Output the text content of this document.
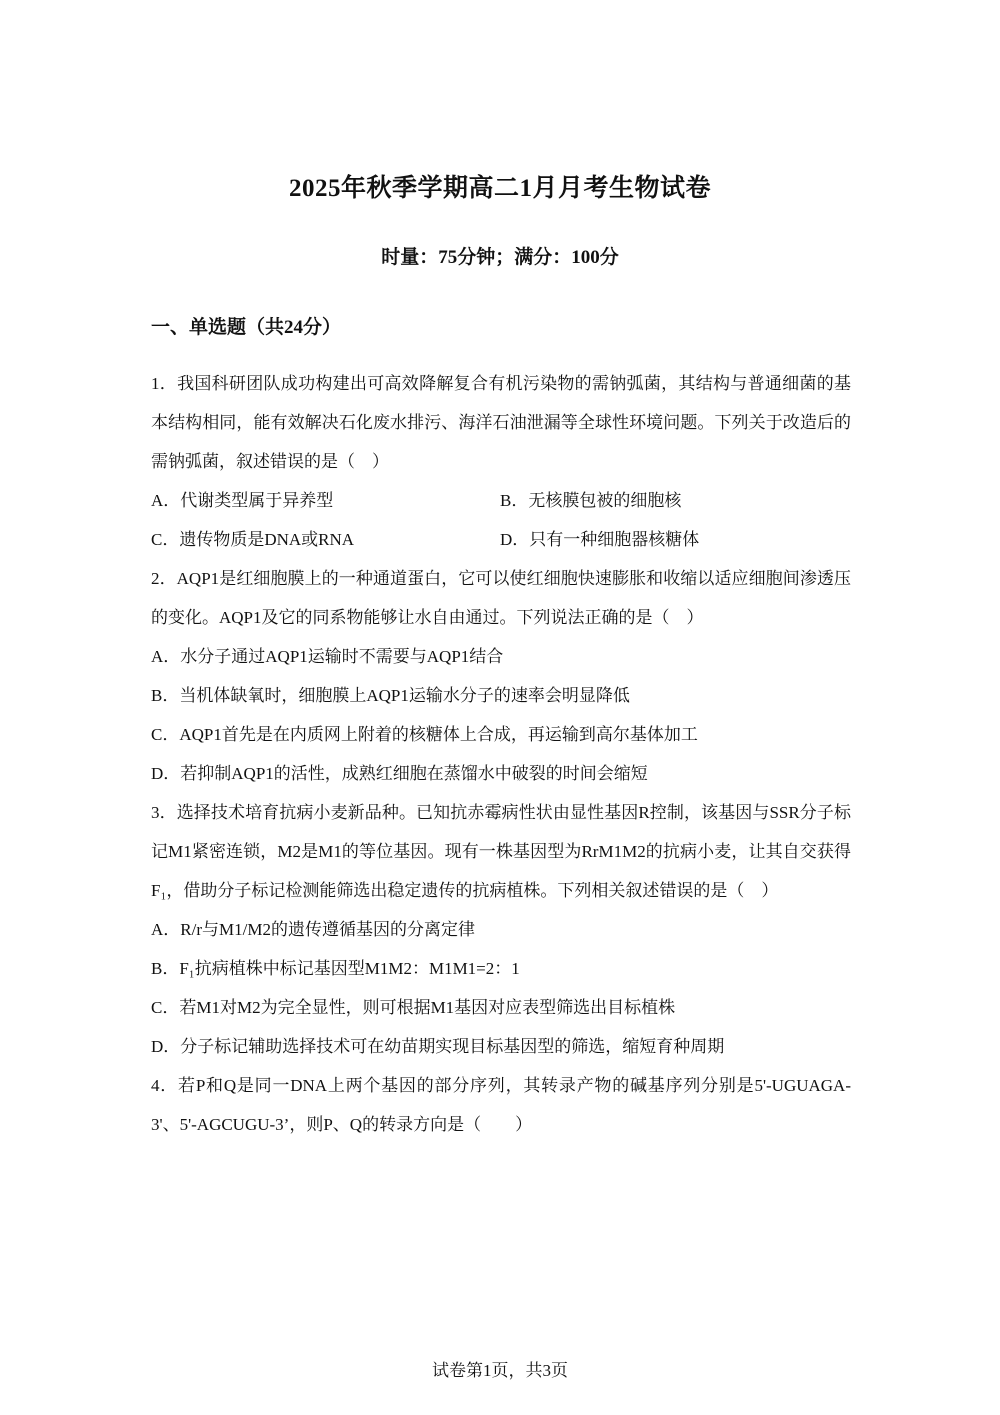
2025年秋季学期高二1月月考生物试卷
时量：75分钟；满分：100分
一、单选题（共24分）

1．我国科研团队成功构建出可高效降解复合有机污染物的需钠弧菌，其结构与普通细菌的基本结构相同，能有效解决石化废水排污、海洋石油泄漏等全球性环境问题。下列关于改造后的需钠弧菌，叙述错误的是（　）

A．代谢类型属于异养型	B．无核膜包被的细胞核

C．遗传物质是DNA或RNA	D．只有一种细胞器核糖体

2．AQP1是红细胞膜上的一种通道蛋白，它可以使红细胞快速膨胀和收缩以适应细胞间渗透压的变化。AQP1及它的同系物能够让水自由通过。下列说法正确的是（　）

A．水分子通过AQP1运输时不需要与AQP1结合

B．当机体缺氧时，细胞膜上AQP1运输水分子的速率会明显降低

C．AQP1首先是在内质网上附着的核糖体上合成，再运输到高尔基体加工

D．若抑制AQP1的活性，成熟红细胞在蒸馏水中破裂的时间会缩短

3．选择技术培育抗病小麦新品种。已知抗赤霉病性状由显性基因R控制，该基因与SSR分子标记M1紧密连锁，M2是M1的等位基因。现有一株基因型为RrM1M2的抗病小麦，让其自交获得F₁，借助分子标记检测能筛选出稳定遗传的抗病植株。下列相关叙述错误的是（　）

A．R/r与M1/M2的遗传遵循基因的分离定律

B．F₁抗病植株中标记基因型M1M2：M1M1=2：1

C．若M1对M2为完全显性，则可根据M1基因对应表型筛选出目标植株

D．分子标记辅助选择技术可在幼苗期实现目标基因型的筛选，缩短育种周期

4．若P和Q是同一DNA上两个基因的部分序列，其转录产物的碱基序列分别是5'-UGUAGA-3'、5'-AGCUGU-3’，则P、Q的转录方向是（　　）

试卷第1页，共3页
